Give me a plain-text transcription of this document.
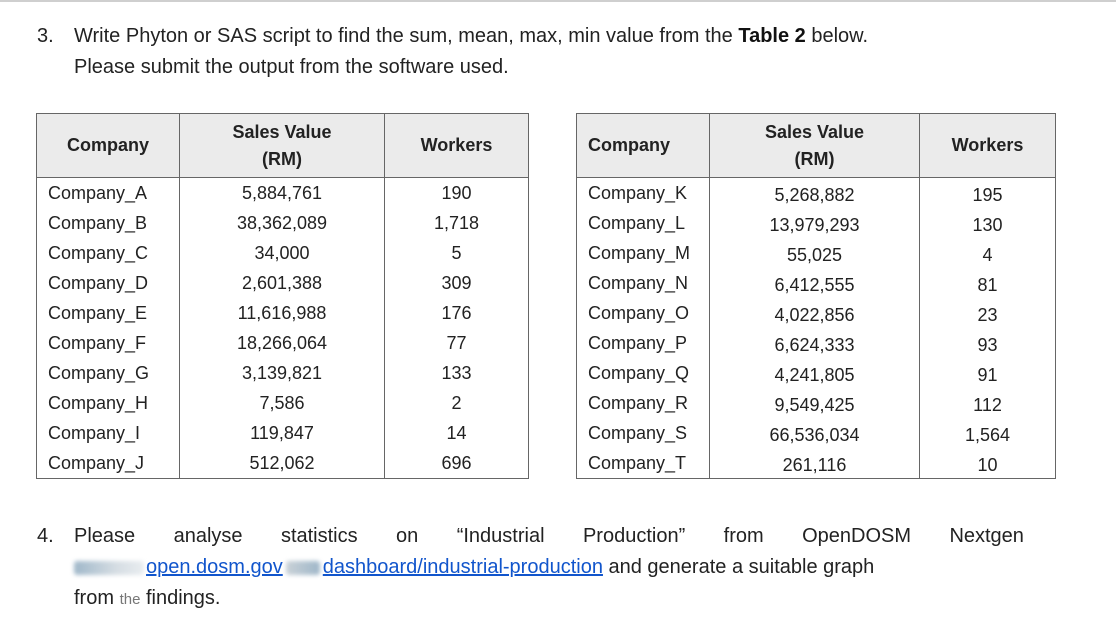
3. Write Phyton or SAS script to find the sum, mean, max, min value from the Table 2 below.
Please submit the output from the software used.
Company	Sales Value (RM)	Workers
Company_A	5,884,761	190
Company_B	38,362,089	1,718
Company_C	34,000	5
Company_D	2,601,388	309
Company_E	11,616,988	176
Company_F	18,266,064	77
Company_G	3,139,821	133
Company_H	7,586	2
Company_I	119,847	14
Company_J	512,062	696
Company	Sales Value (RM)	Workers
Company_K	5,268,882	195
Company_L	13,979,293	130
Company_M	55,025	4
Company_N	6,412,555	81
Company_O	4,022,856	23
Company_P	6,624,333	93
Company_Q	4,241,805	91
Company_R	9,549,425	112
Company_S	66,536,034	1,564
Company_T	261,116	10
4. Please analyse statistics on “Industrial Production” from OpenDOSM Nextgen
open.dosm.gov dashboard/industrial-production and generate a suitable graph
from the findings.
